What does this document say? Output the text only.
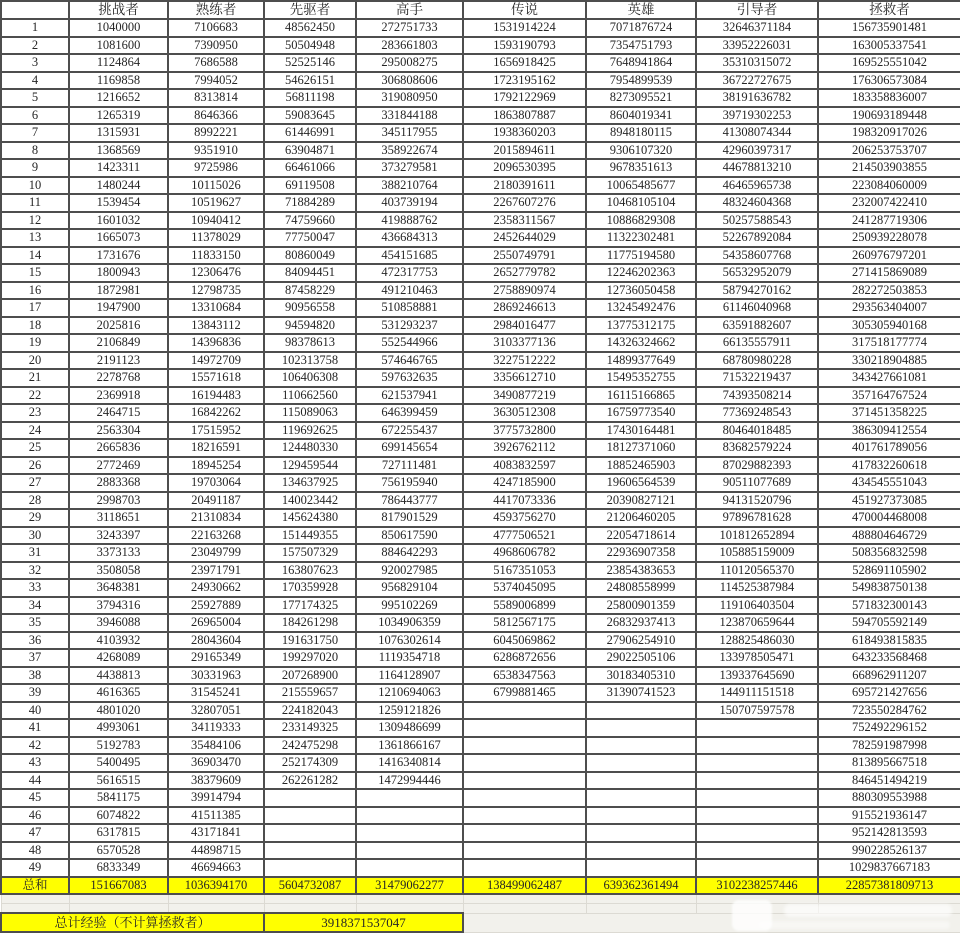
	挑战者	熟练者	先驱者	高手	传说	英雄	引导者	拯救者
1	1040000	7106683	48562450	272751733	1531914224	7071876724	32646371184	156735901481
2	1081600	7390950	50504948	283661803	1593190793	7354751793	33952226031	163005337541
3	1124864	7686588	52525146	295008275	1656918425	7648941864	35310315072	169525551042
4	1169858	7994052	54626151	306808606	1723195162	7954899539	36722727675	176306573084
5	1216652	8313814	56811198	319080950	1792122969	8273095521	38191636782	183358836007
6	1265319	8646366	59083645	331844188	1863807887	8604019341	39719302253	190693189448
7	1315931	8992221	61446991	345117955	1938360203	8948180115	41308074344	198320917026
8	1368569	9351910	63904871	358922674	2015894611	9306107320	42960397317	206253753707
9	1423311	9725986	66461066	373279581	2096530395	9678351613	44678813210	214503903855
10	1480244	10115026	69119508	388210764	2180391611	10065485677	46465965738	223084060009
11	1539454	10519627	71884289	403739194	2267607276	10468105104	48324604368	232007422410
12	1601032	10940412	74759660	419888762	2358311567	10886829308	50257588543	241287719306
13	1665073	11378029	77750047	436684313	2452644029	11322302481	52267892084	250939228078
14	1731676	11833150	80860049	454151685	2550749791	11775194580	54358607768	260976797201
15	1800943	12306476	84094451	472317753	2652779782	12246202363	56532952079	271415869089
16	1872981	12798735	87458229	491210463	2758890974	12736050458	58794270162	282272503853
17	1947900	13310684	90956558	510858881	2869246613	13245492476	61146040968	293563404007
18	2025816	13843112	94594820	531293237	2984016477	13775312175	63591882607	305305940168
19	2106849	14396836	98378613	552544966	3103377136	14326324662	66135557911	317518177774
20	2191123	14972709	102313758	574646765	3227512222	14899377649	68780980228	330218904885
21	2278768	15571618	106406308	597632635	3356612710	15495352755	71532219437	343427661081
22	2369918	16194483	110662560	621537941	3490877219	16115166865	74393508214	357164767524
23	2464715	16842262	115089063	646399459	3630512308	16759773540	77369248543	371451358225
24	2563304	17515952	119692625	672255437	3775732800	17430164481	80464018485	386309412554
25	2665836	18216591	124480330	699145654	3926762112	18127371060	83682579224	401761789056
26	2772469	18945254	129459544	727111481	4083832597	18852465903	87029882393	417832260618
27	2883368	19703064	134637925	756195940	4247185900	19606564539	90511077689	434545551043
28	2998703	20491187	140023442	786443777	4417073336	20390827121	94131520796	451927373085
29	3118651	21310834	145624380	817901529	4593756270	21206460205	97896781628	470004468008
30	3243397	22163268	151449355	850617590	4777506521	22054718614	101812652894	488804646729
31	3373133	23049799	157507329	884642293	4968606782	22936907358	105885159009	508356832598
32	3508058	23971791	163807623	920027985	5167351053	23854383653	110120565370	528691105902
33	3648381	24930662	170359928	956829104	5374045095	24808558999	114525387984	549838750138
34	3794316	25927889	177174325	995102269	5589006899	25800901359	119106403504	571832300143
35	3946088	26965004	184261298	1034906359	5812567175	26832937413	123870659644	594705592149
36	4103932	28043604	191631750	1076302614	6045069862	27906254910	128825486030	618493815835
37	4268089	29165349	199297020	1119354718	6286872656	29022505106	133978505471	643233568468
38	4438813	30331963	207268900	1164128907	6538347563	30183405310	139337645690	668962911207
39	4616365	31545241	215559657	1210694063	6799881465	31390741523	144911151518	695721427656
40	4801020	32807051	224182043	1259121826			150707597578	723550284762
41	4993061	34119333	233149325	1309486699				752492296152
42	5192783	35484106	242475298	1361866167				782591987998
43	5400495	36903470	252174309	1416340814				813895667518
44	5616515	38379609	262261282	1472994446				846451494219
45	5841175	39914794						880309553988
46	6074822	41511385						915521936147
47	6317815	43171841						952142813593
48	6570528	44898715						990228526137
49	6833349	46694663						1029837667183
总和	151667083	1036394170	5604732087	31479062277	138499062487	639362361494	3102238257446	22857381809713

总计经验（不计算拯救者）			3918371537047					
